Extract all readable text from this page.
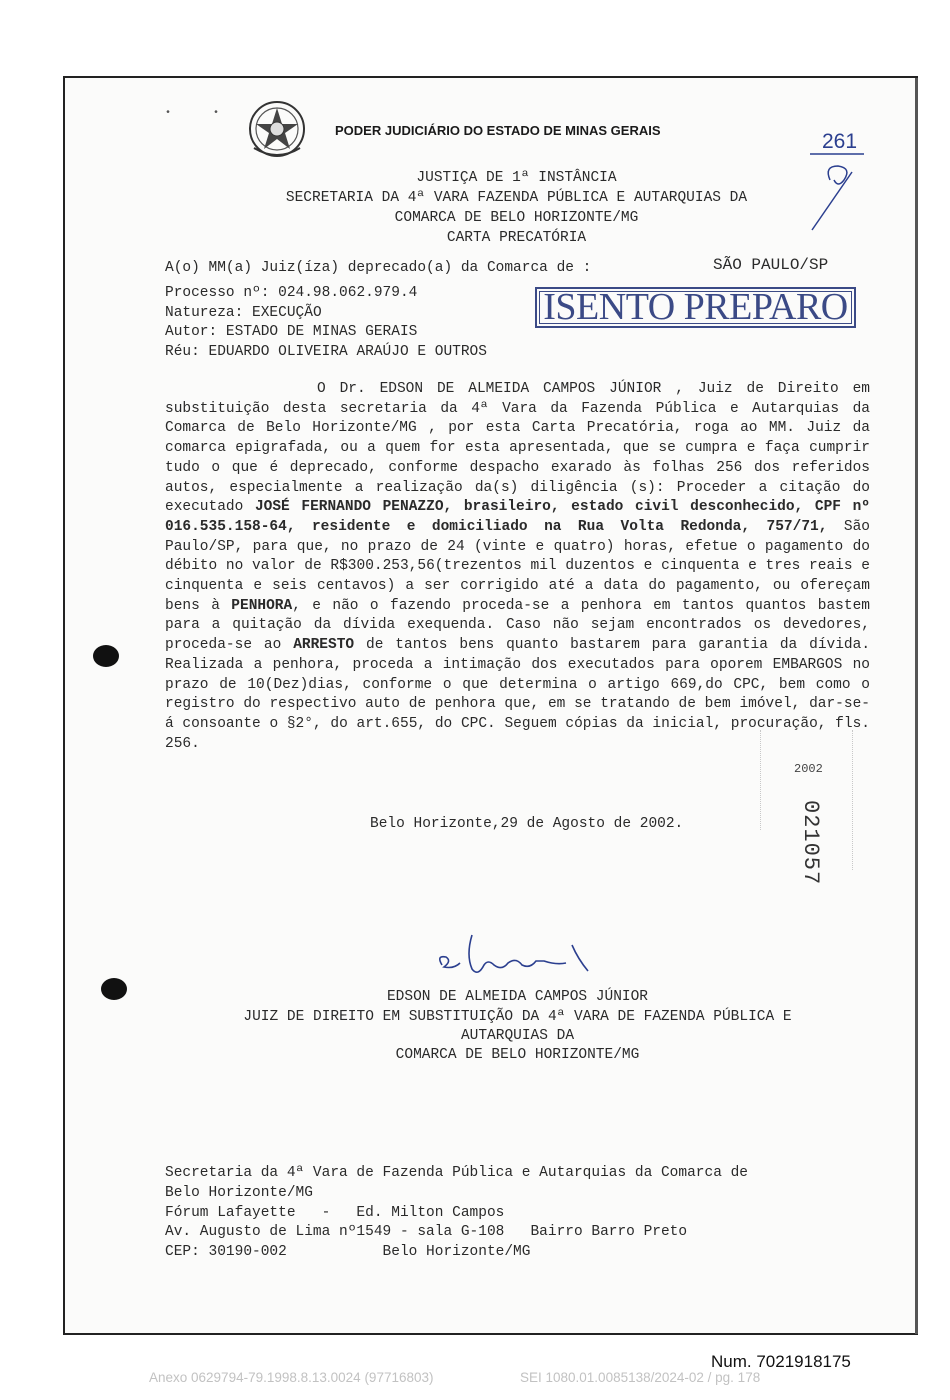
•       •
PODER JUDICIÁRIO DO ESTADO DE MINAS GERAIS	261
JUSTIÇA DE 1ª INSTÂNCIA
SECRETARIA DA 4ª VARA FAZENDA PÚBLICA E AUTARQUIAS DA
COMARCA DE BELO HORIZONTE/MG
CARTA PRECATÓRIA
A(o) MM(a) Juiz(íza) deprecado(a) da Comarca de :	SÃO PAULO/SP
Processo nº: 024.98.062.979.4
Natureza: EXECUÇÃO
Autor: ESTADO DE MINAS GERAIS
Réu: EDUARDO OLIVEIRA ARAÚJO E OUTROS
ISENTO PREPARO

O Dr. EDSON DE ALMEIDA CAMPOS JÚNIOR , Juiz de Direito em substituição desta secretaria da 4ª Vara da Fazenda Pública e Autarquias da Comarca de Belo Horizonte/MG , por esta Carta Precatória, roga ao MM. Juiz da comarca epigrafada, ou a quem for esta apresentada, que se cumpra e faça cumprir tudo o que é deprecado, conforme despacho exarado às folhas 256 dos referidos autos, especialmente a realização da(s) diligência (s): Proceder a citação do executado JOSÉ FERNANDO PENAZZO, brasileiro, estado civil desconhecido, CPF nº 016.535.158-64, residente e domiciliado na Rua Volta Redonda, 757/71, São Paulo/SP, para que, no prazo de 24 (vinte e quatro) horas, efetue o pagamento do débito no valor de R$300.253,56(trezentos mil duzentos e cinquenta e tres reais e cinquenta e seis centavos) a ser corrigido até a data do pagamento, ou ofereçam bens à PENHORA, e não o fazendo proceda-se a penhora em tantos quantos bastem para a quitação da dívida exequenda. Caso não sejam encontrados os devedores, proceda-se ao ARRESTO de tantos bens quanto bastarem para garantia da dívida. Realizada a penhora, proceda a intimação dos executados para oporem EMBARGOS no prazo de 10(Dez)dias, conforme o que determina o artigo 669,do CPC, bem como o registro do respectivo auto de penhora que, em se tratando de bem imóvel, dar-se-á consoante o §2°, do art.655, do CPC. Seguem cópias da inicial, procuração, fls. 256.

Belo Horizonte,29 de Agosto de 2002.
2002
021057
EDSON DE ALMEIDA CAMPOS JÚNIOR
JUIZ DE DIREITO EM SUBSTITUIÇÃO DA 4ª VARA DE FAZENDA PÚBLICA E
AUTARQUIAS DA
COMARCA DE BELO HORIZONTE/MG
Secretaria da 4ª Vara de Fazenda Pública e Autarquias da Comarca de
Belo Horizonte/MG
Fórum Lafayette   -   Ed. Milton Campos
Av. Augusto de Lima nº1549 - sala G-108   Bairro Barro Preto
CEP: 30190-002           Belo Horizonte/MG
Num. 7021918175
Anexo 0629794-79.1998.8.13.0024 (97716803)	SEI 1080.01.0085138/2024-02 / pg. 178
